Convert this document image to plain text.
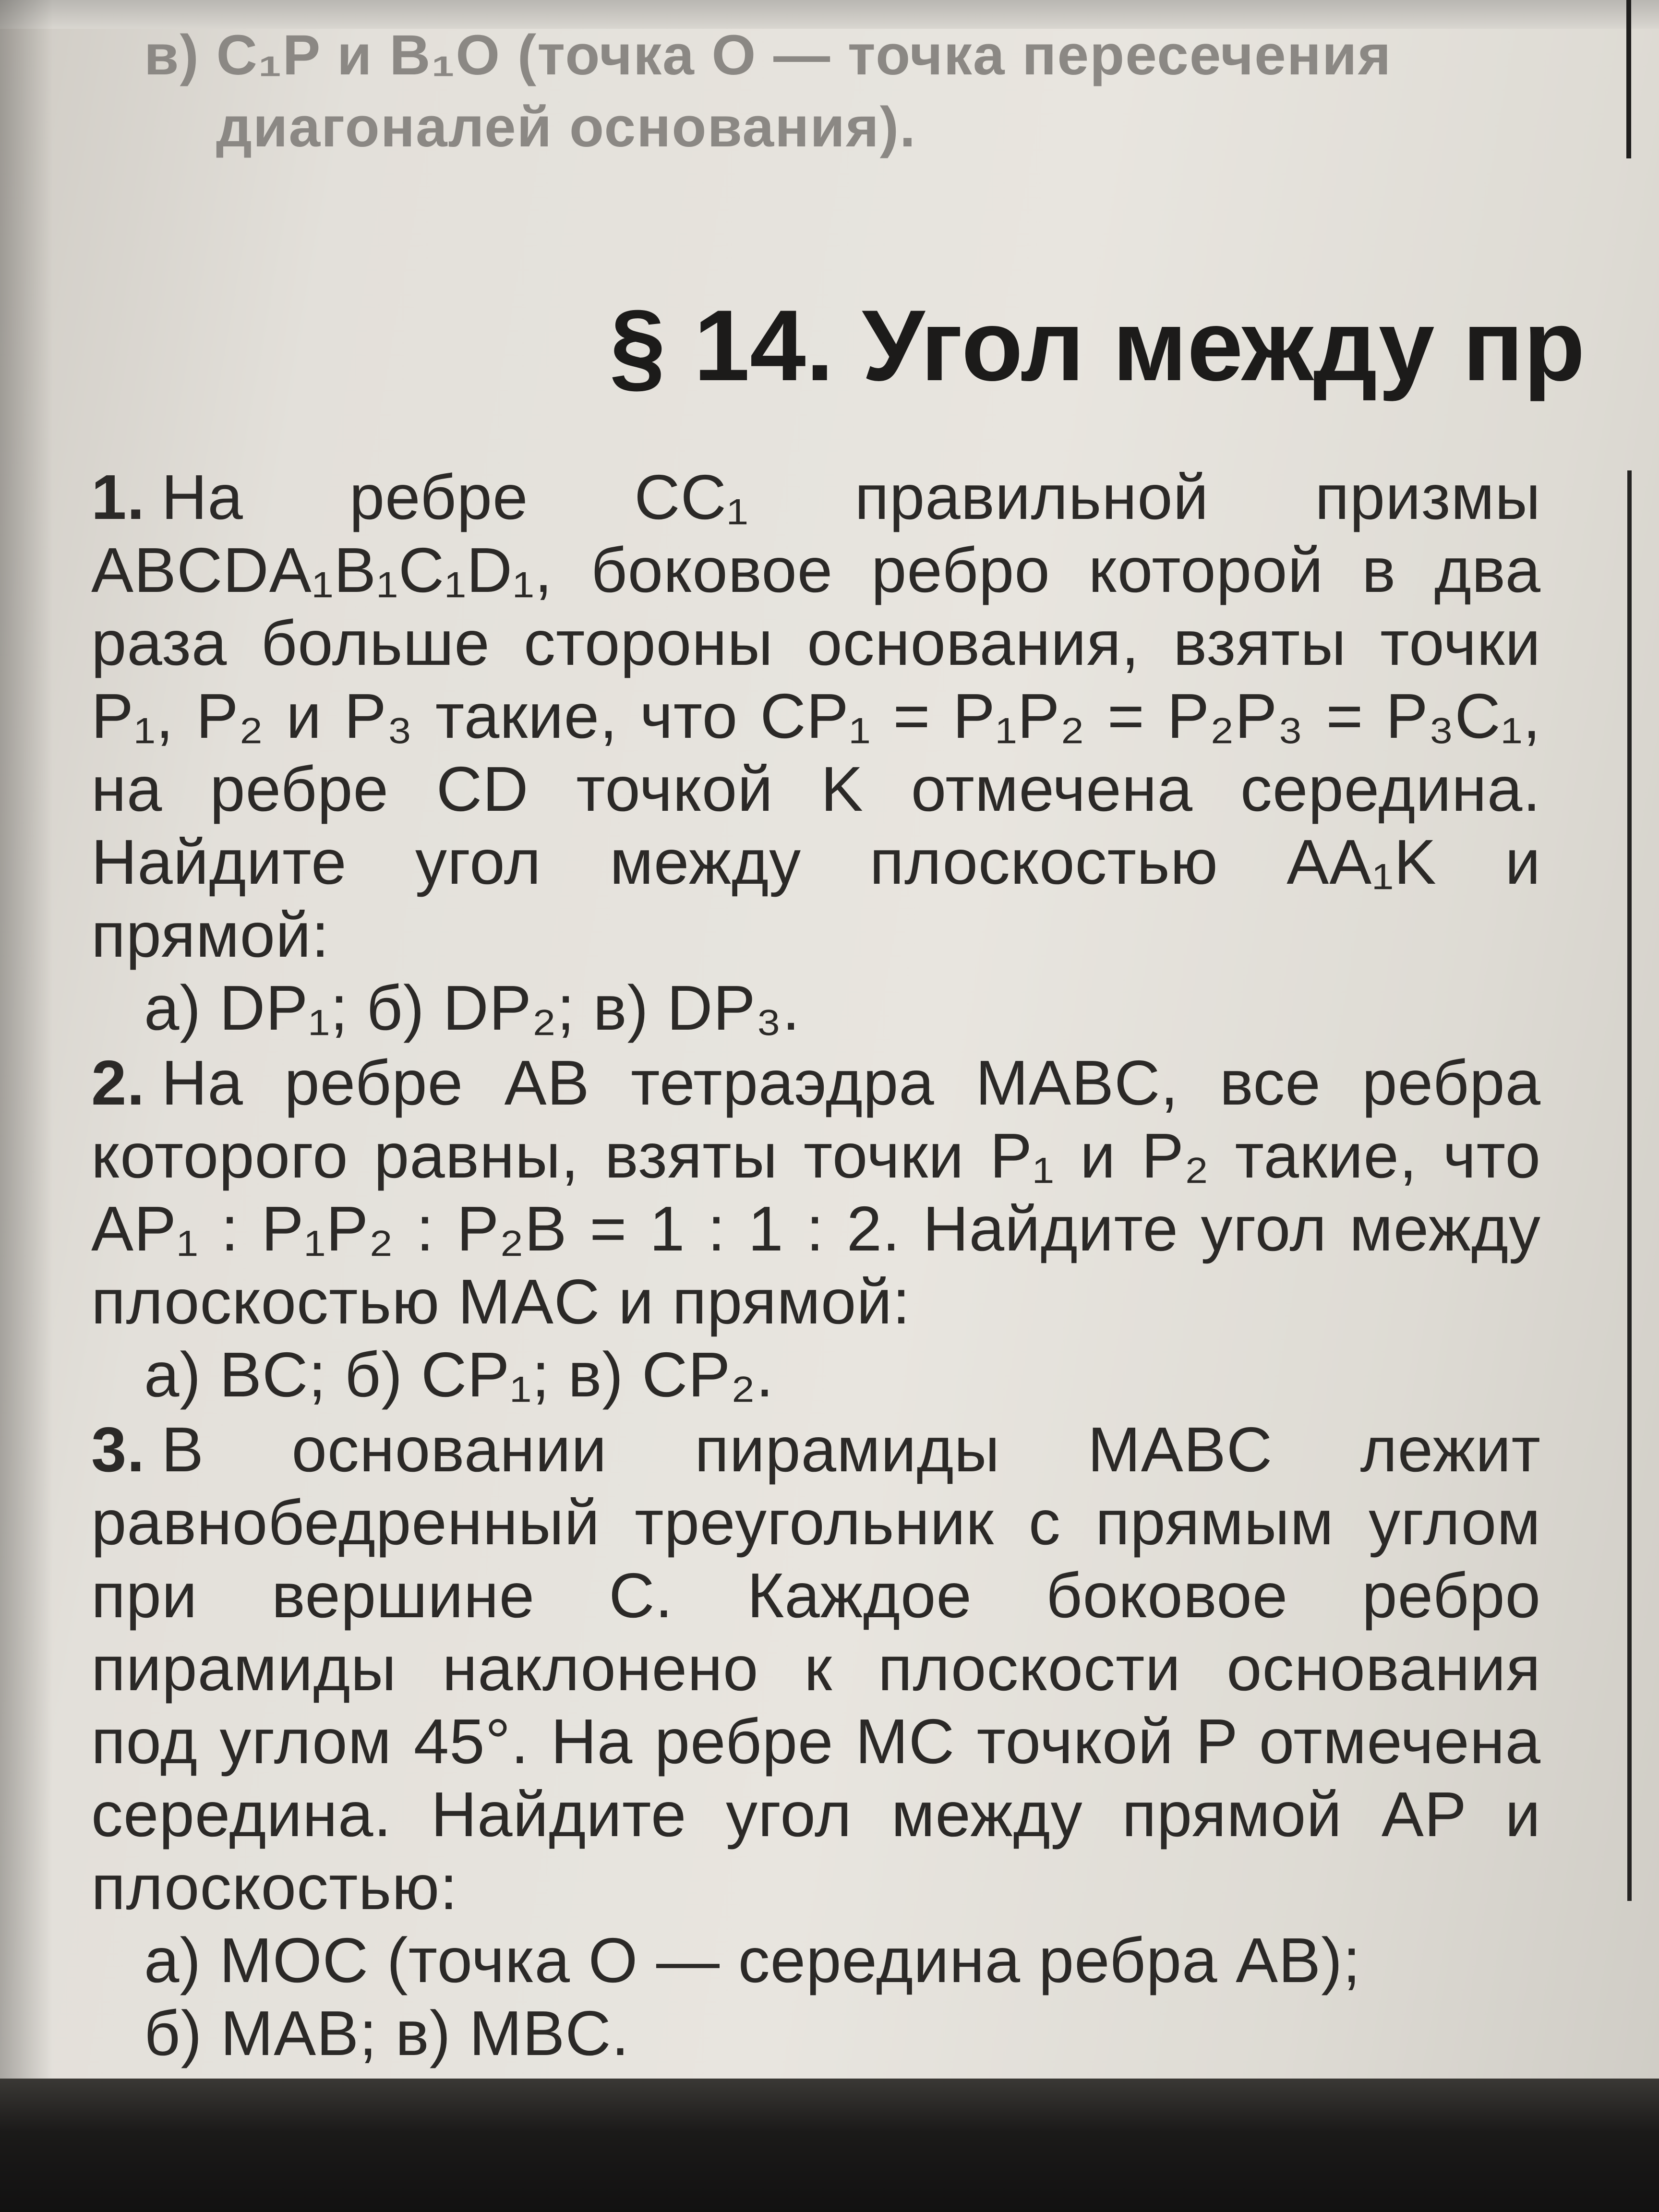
в) C₁P и B₁O (точка O — точка пересечения
диагоналей основания).
§ 14. Угол между пр

1. На ребре CC₁ правильной призмы ABCDA₁B₁C₁D₁, боковое ребро которой в два раза больше стороны основания, взяты точки P₁, P₂ и P₃ такие, что CP₁ = P₁P₂ = P₂P₃ = P₃C₁, на ребре CD точкой K отмечена середина. Найдите угол между плоскостью AA₁K и прямой:

а) DP₁; б) DP₂; в) DP₃.

2. На ребре AB тетраэдра MABC, все ребра которого равны, взяты точки P₁ и P₂ такие, что AP₁ : P₁P₂ : P₂B = 1 : 1 : 2. Найдите угол между плоскостью MAC и прямой:

а) BC; б) CP₁; в) CP₂.

3. В основании пирамиды MABC лежит равнобедренный треугольник с прямым углом при вершине C. Каждое боковое ребро пирамиды наклонено к плоскости основания под углом 45°. На ребре MC точкой P отмечена середина. Найдите угол между прямой AP и плоскостью:

а) MOC (точка O — середина ребра AB);

б) MAB; в) MBC.
